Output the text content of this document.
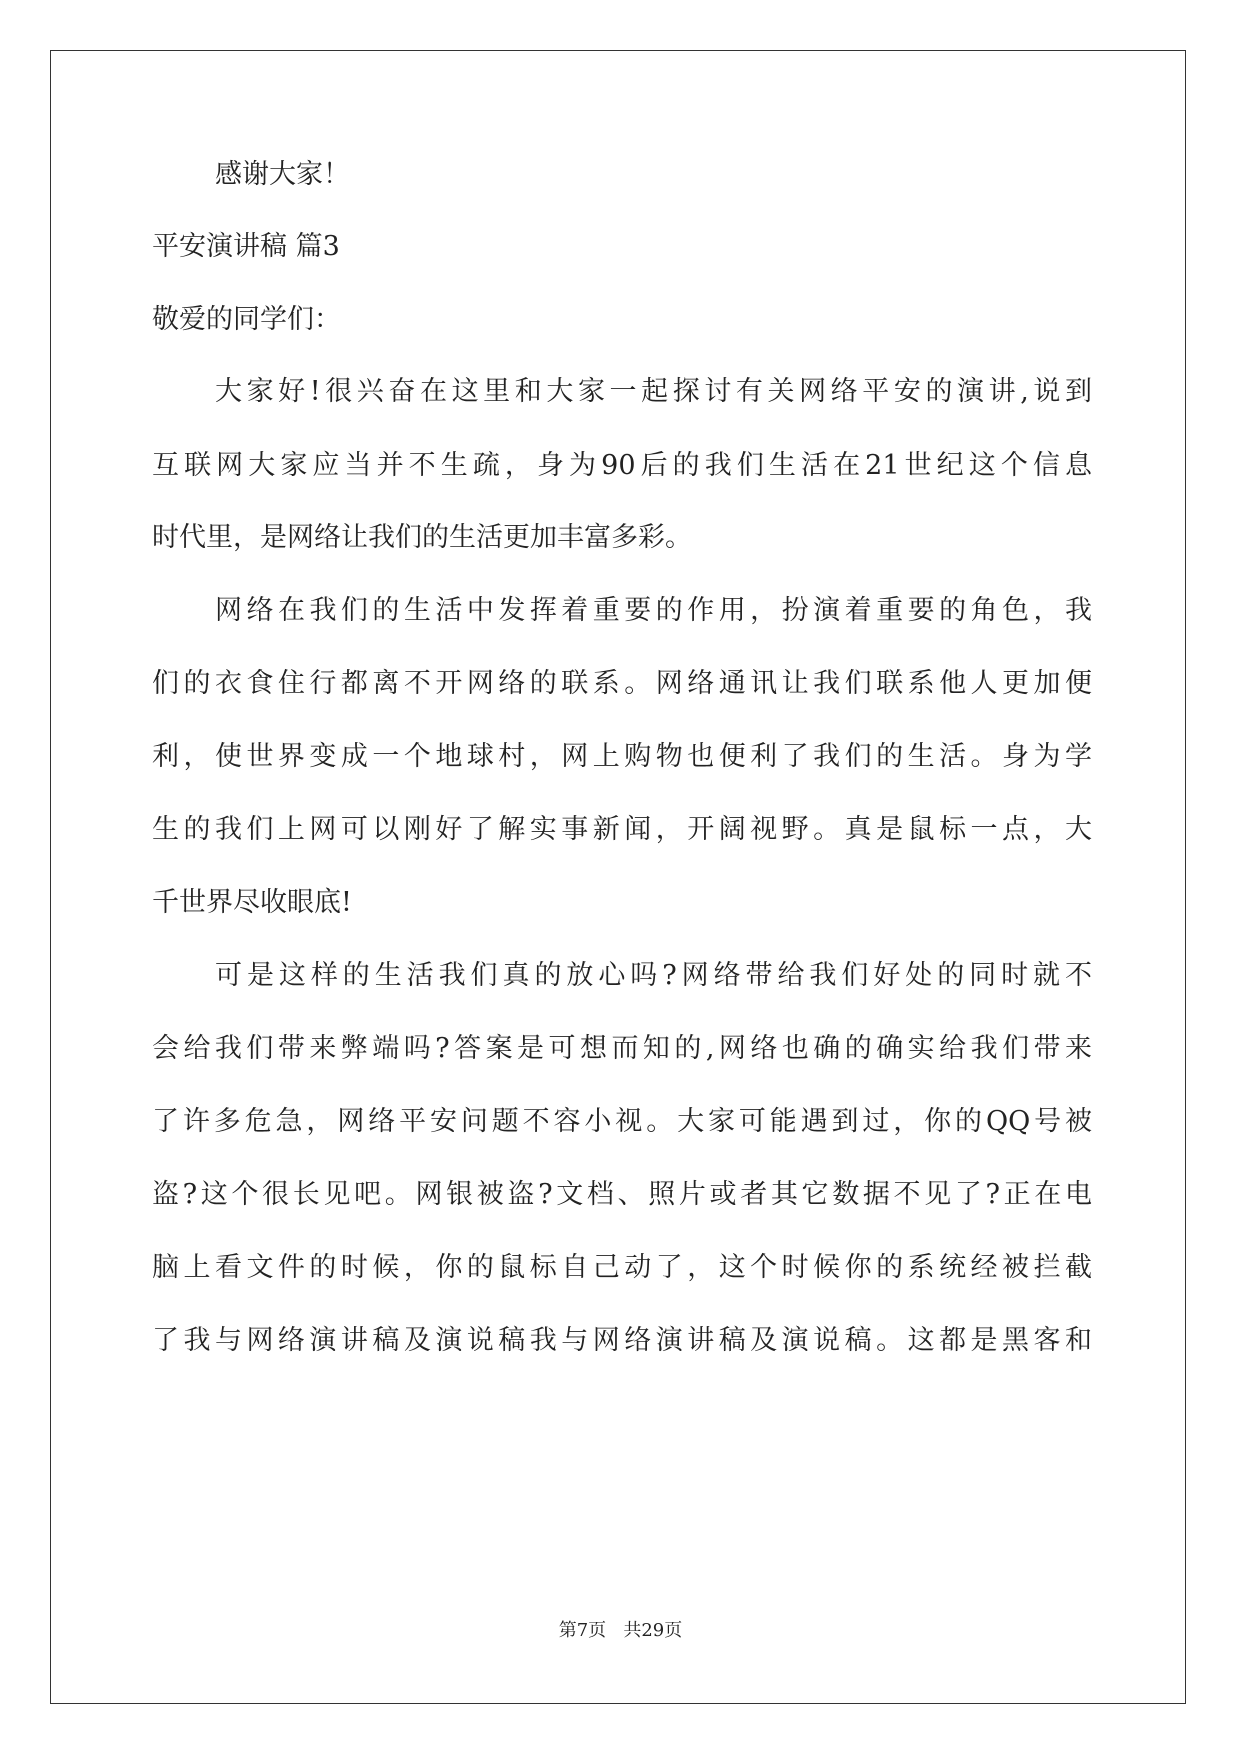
感谢大家！
平安演讲稿 篇3
敬爱的同学们：
大家好!很兴奋在这里和大家一起探讨有关网络平安的演讲,说到
互联网大家应当并不生疏，身为90后的我们生活在21世纪这个信息
时代里，是网络让我们的生活更加丰富多彩。
网络在我们的生活中发挥着重要的作用，扮演着重要的角色，我
们的衣食住行都离不开网络的联系。网络通讯让我们联系他人更加便
利，使世界变成一个地球村，网上购物也便利了我们的生活。身为学
生的我们上网可以刚好了解实事新闻，开阔视野。真是鼠标一点，大
千世界尽收眼底!
可是这样的生活我们真的放心吗?网络带给我们好处的同时就不
会给我们带来弊端吗?答案是可想而知的,网络也确的确实给我们带来
了许多危急，网络平安问题不容小视。大家可能遇到过，你的QQ号被
盗?这个很长见吧。网银被盗?文档、照片或者其它数据不见了?正在电
脑上看文件的时候，你的鼠标自己动了，这个时候你的系统经被拦截
了我与网络演讲稿及演说稿我与网络演讲稿及演说稿。这都是黑客和
第7页 共29页
